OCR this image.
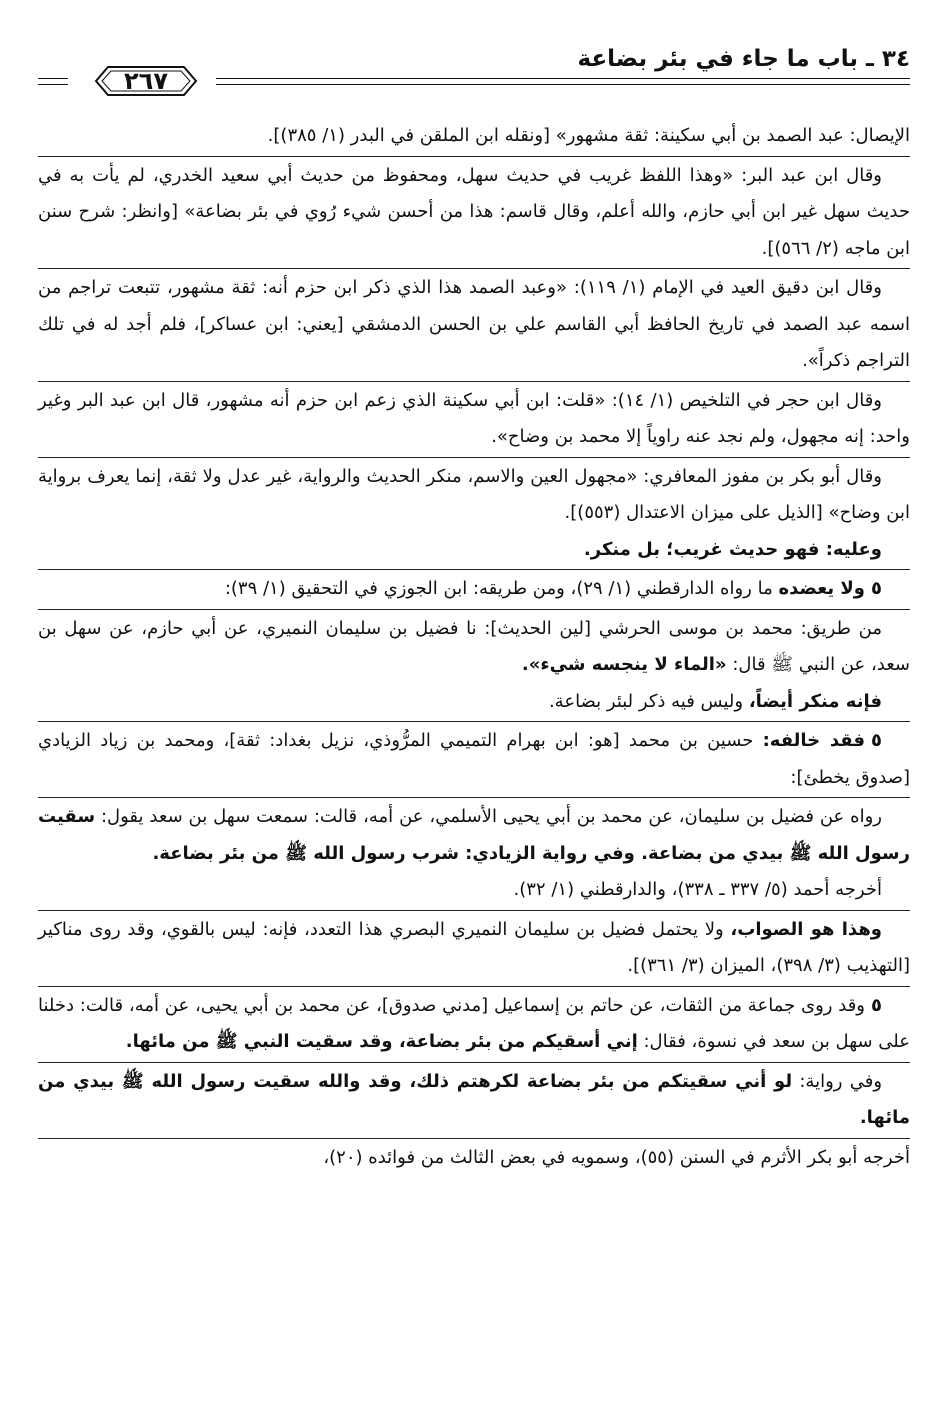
٣٤ ـ باب ما جاء في بئر بضاعة
٢٦٧

الإيصال: عبد الصمد بن أبي سكينة: ثقة مشهور» [ونقله ابن الملقن في البدر (١/ ٣٨٥)].

وقال ابن عبد البر: «وهذا اللفظ غريب في حديث سهل، ومحفوظ من حديث أبي سعيد الخدري، لم يأت به في حديث سهل غير ابن أبي حازم، والله أعلم، وقال قاسم: هذا من أحسن شيء رُوي في بئر بضاعة» [وانظر: شرح سنن ابن ماجه (٢/ ٥٦٦)].

وقال ابن دقيق العيد في الإمام (١/ ١١٩): «وعبد الصمد هذا الذي ذكر ابن حزم أنه: ثقة مشهور، تتبعت تراجم من اسمه عبد الصمد في تاريخ الحافظ أبي القاسم علي بن الحسن الدمشقي [يعني: ابن عساكر]، فلم أجد له في تلك التراجم ذكراً».

وقال ابن حجر في التلخيص (١/ ١٤): «قلت: ابن أبي سكينة الذي زعم ابن حزم أنه مشهور، قال ابن عبد البر وغير واحد: إنه مجهول، ولم نجد عنه راوياً إلا محمد بن وضاح».

وقال أبو بكر بن مفوز المعافري: «مجهول العين والاسم، منكر الحديث والرواية، غير عدل ولا ثقة، إنما يعرف برواية ابن وضاح» [الذيل على ميزان الاعتدال (٥٥٣)].

وعليه: فهو حديث غريب؛ بل منكر.

٥ولا يعضده ما رواه الدارقطني (١/ ٢٩)، ومن طريقه: ابن الجوزي في التحقيق (١/ ٣٩):

من طريق: محمد بن موسى الحرشي [لين الحديث]: نا فضيل بن سليمان النميري، عن أبي حازم، عن سهل بن سعد، عن النبي ﷺ قال: «الماء لا ينجسه شيء».

فإنه منكر أيضاً، وليس فيه ذكر لبئر بضاعة.

٥فقد خالفه: حسين بن محمد [هو: ابن بهرام التميمي المرُّوذي، نزيل بغداد: ثقة]، ومحمد بن زياد الزيادي [صدوق يخطئ]:

رواه عن فضيل بن سليمان، عن محمد بن أبي يحيى الأسلمي، عن أمه، قالت: سمعت سهل بن سعد يقول: سقيت رسول الله ﷺ بيدي من بضاعة. وفي رواية الزيادي: شرب رسول الله ﷺ من بئر بضاعة.

أخرجه أحمد (٥/ ٣٣٧ ـ ٣٣٨)، والدارقطني (١/ ٣٢).

وهذا هو الصواب، ولا يحتمل فضيل بن سليمان النميري البصري هذا التعدد، فإنه: ليس بالقوي، وقد روى مناكير [التهذيب (٣/ ٣٩٨)، الميزان (٣/ ٣٦١)].

٥وقد روى جماعة من الثقات، عن حاتم بن إسماعيل [مدني صدوق]، عن محمد بن أبي يحيى، عن أمه، قالت: دخلنا على سهل بن سعد في نسوة، فقال: إني أسقيكم من بئر بضاعة، وقد سقيت النبي ﷺ من مائها.

وفي رواية: لو أني سقيتكم من بئر بضاعة لكرهتم ذلك، وقد والله سقيت رسول الله ﷺ بيدي من مائها.

أخرجه أبو بكر الأثرم في السنن (٥٥)، وسمويه في بعض الثالث من فوائده (٢٠)،
